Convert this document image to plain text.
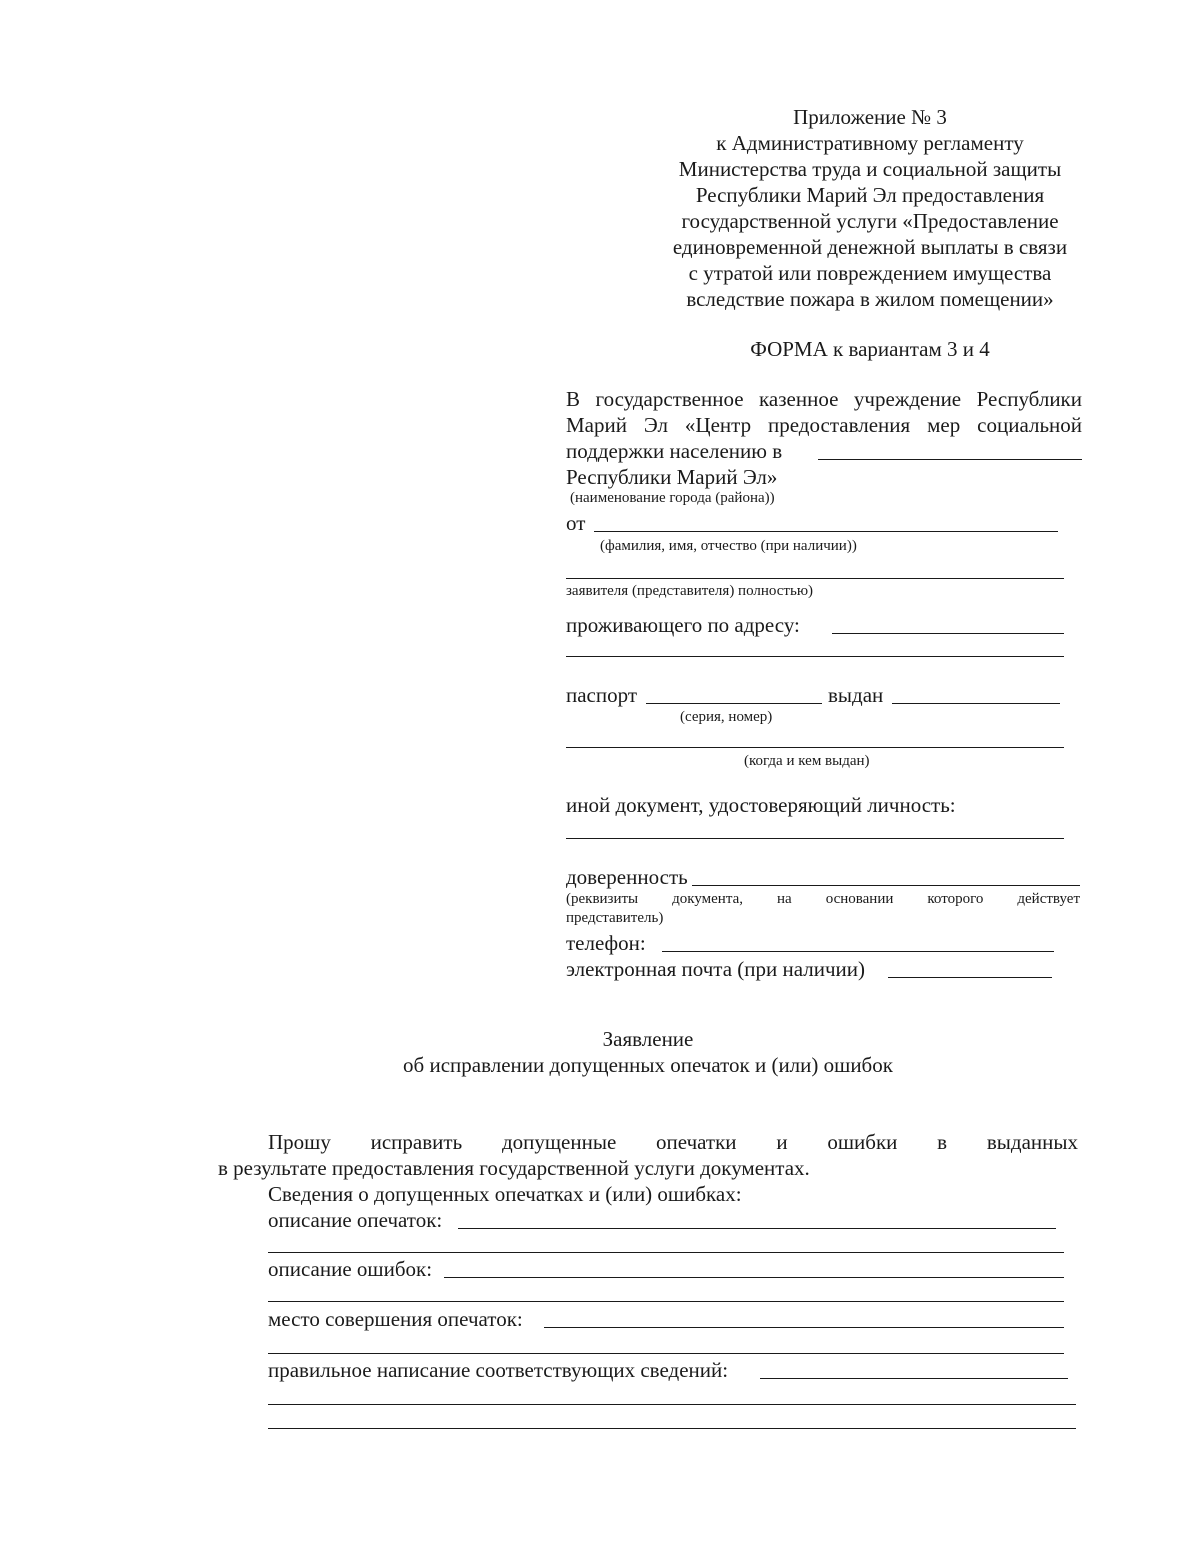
Приложение № 3
к Административному регламенту
Министерства труда и социальной защиты
Республики Марий Эл предоставления
государственной услуги «Предоставление
единовременной денежной выплаты в связи
с утратой или повреждением имущества
вследствие пожара в жилом помещении»
ФОРМА к вариантам 3 и 4
В государственное казенное учреждение Республики
Марий Эл «Центр предоставления мер социальной
поддержки населению в
Республики Марий Эл»
(наименование города (района))
от
(фамилия, имя, отчество (при наличии))
заявителя (представителя) полностью)
проживающего по адресу:
паспорт	выдан
(серия, номер)
(когда и кем выдан)
иной документ, удостоверяющий личность:
доверенность
(реквизиты документа, на основании которого действует
представитель)
телефон:
электронная почта (при наличии)
Заявление
об исправлении допущенных опечаток и (или) ошибок
Прошу исправить допущенные опечатки и ошибки в выданных
в результате предоставления государственной услуги документах.
Сведения о допущенных опечатках и (или) ошибках:
описание опечаток:
описание ошибок:
место совершения опечаток:
правильное написание соответствующих сведений:
